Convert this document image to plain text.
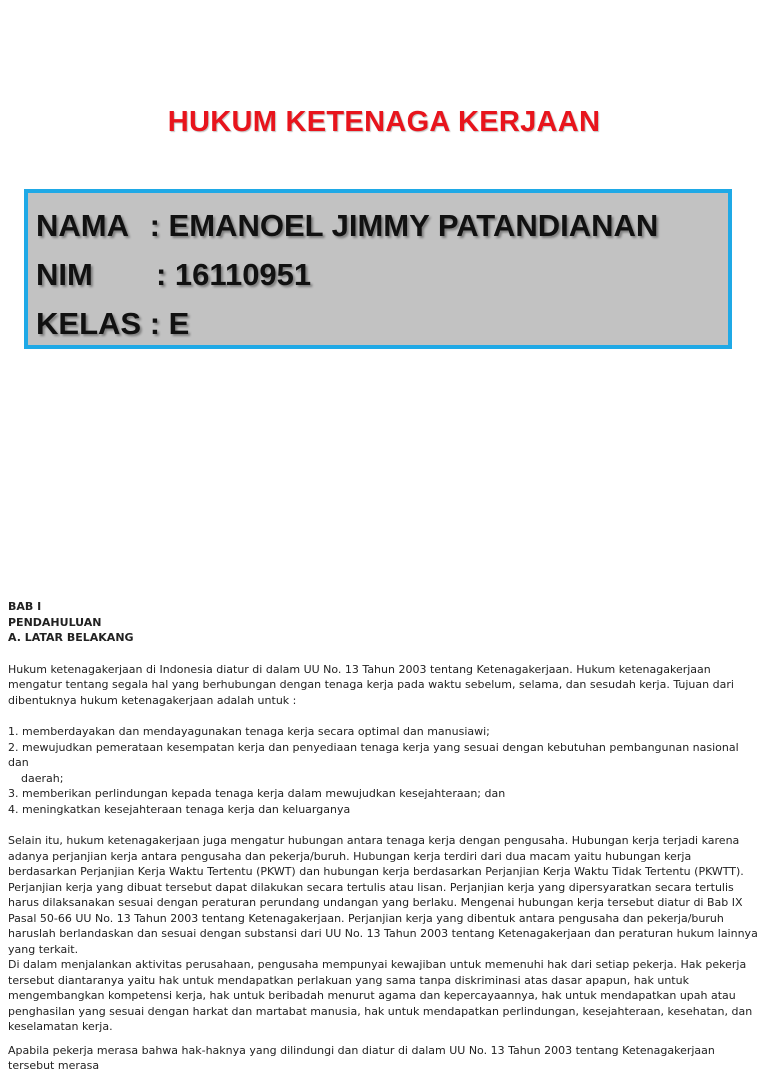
HUKUM KETENAGA KERJAAN
NAMA : EMANOEL JIMMY PATANDIANAN
NIM : 16110951
KELAS : E
BAB I
PENDAHULUAN
A. LATAR BELAKANG

Hukum ketenagakerjaan di Indonesia diatur di dalam UU No. 13 Tahun 2003 tentang Ketenagakerjaan. Hukum ketenagakerjaan mengatur tentang segala hal yang berhubungan dengan tenaga kerja pada waktu sebelum, selama, dan sesudah kerja. Tujuan dari dibentuknya hukum ketenagakerjaan adalah untuk :

1. memberdayakan dan mendayagunakan tenaga kerja secara optimal dan manusiawi;
2. mewujudkan pemerataan kesempatan kerja dan penyediaan tenaga kerja yang sesuai dengan kebutuhan pembangunan nasional dan
daerah;
3. memberikan perlindungan kepada tenaga kerja dalam mewujudkan kesejahteraan; dan
4. meningkatkan kesejahteraan tenaga kerja dan keluarganya

Selain itu, hukum ketenagakerjaan juga mengatur hubungan antara tenaga kerja dengan pengusaha. Hubungan kerja terjadi karena adanya perjanjian kerja antara pengusaha dan pekerja/buruh. Hubungan kerja terdiri dari dua macam yaitu hubungan kerja berdasarkan Perjanjian Kerja Waktu Tertentu (PKWT) dan hubungan kerja berdasarkan Perjanjian Kerja Waktu Tidak Tertentu (PKWTT). Perjanjian kerja yang dibuat tersebut dapat dilakukan secara tertulis atau lisan. Perjanjian kerja yang dipersyaratkan secara tertulis harus dilaksanakan sesuai dengan peraturan perundang undangan yang berlaku. Mengenai hubungan kerja tersebut diatur di Bab IX Pasal 50-66 UU No. 13 Tahun 2003 tentang Ketenagakerjaan. Perjanjian kerja yang dibentuk antara pengusaha dan pekerja/buruh haruslah berlandaskan dan sesuai dengan substansi dari UU No. 13 Tahun 2003 tentang Ketenagakerjaan dan peraturan hukum lainnya yang terkait.

Di dalam menjalankan aktivitas perusahaan, pengusaha mempunyai kewajiban untuk memenuhi hak dari setiap pekerja. Hak pekerja tersebut diantaranya yaitu hak untuk mendapatkan perlakuan yang sama tanpa diskriminasi atas dasar apapun, hak untuk mengembangkan kompetensi kerja, hak untuk beribadah menurut agama dan kepercayaannya, hak untuk mendapatkan upah atau penghasilan yang sesuai dengan harkat dan martabat manusia, hak untuk mendapatkan perlindungan, kesejahteraan, kesehatan, dan keselamatan kerja.

Apabila pekerja merasa bahwa hak-haknya yang dilindungi dan diatur di dalam UU No. 13 Tahun 2003 tentang Ketenagakerjaan tersebut merasa
